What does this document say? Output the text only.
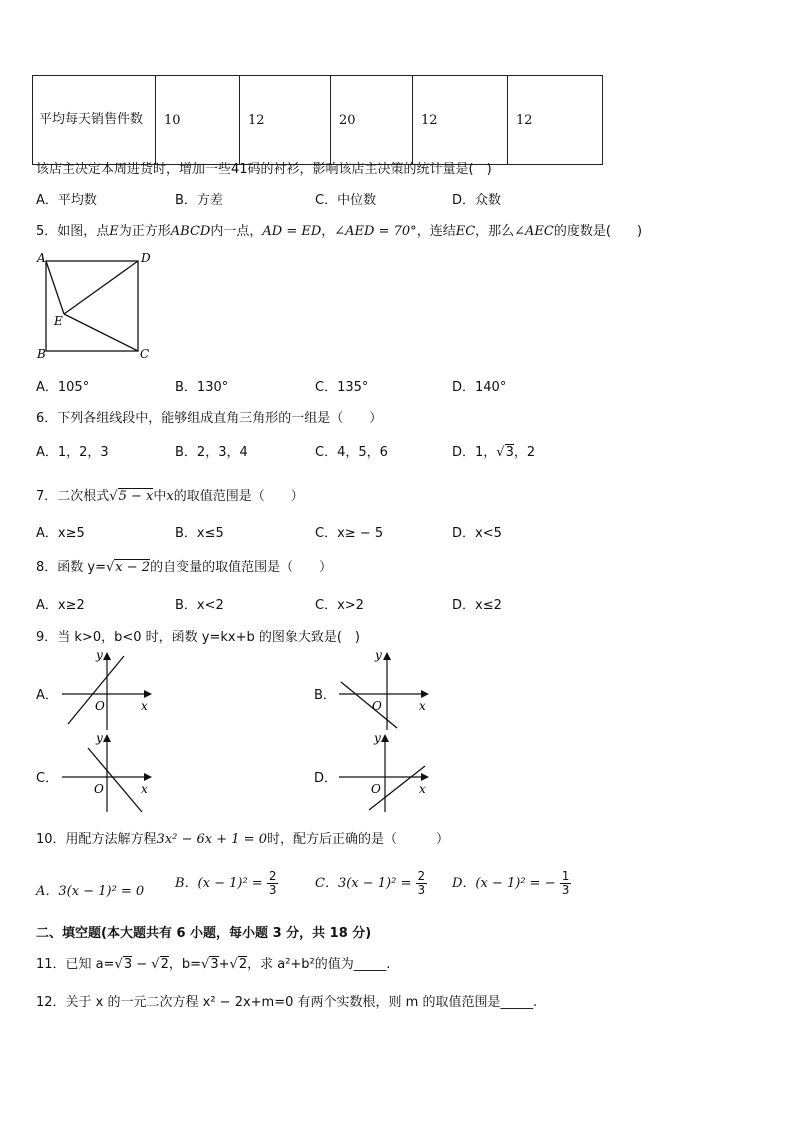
平均每天销售件数	10	12	20	12	12
该店主决定本周进货时，增加一些41码的衬衫，影响该店主决策的统计量是(　)
A．平均数	B．方差	C．中位数	D．众数
5．如图，点E为正方形ABCD内一点，AD = ED，∠AED = 70°，连结EC，那么∠AEC的度数是(　　)
A	D
B	C
E
A．105°	B．130°	C．135°	D．140°
6．下列各组线段中，能够组成直角三角形的一组是（　　）
A．1，2，3	B．2，3，4	C．4，5，6	D．1，√3，2
7．二次根式√5 − x中x的取值范围是（　　）
A．x≥5	B．x≤5	C．x≥ − 5	D．x<5
8．函数 y=√x − 2的自变量的取值范围是（　　）
A．x≥2	B．x<2	C．x>2	D．x≤2
9．当 k>0，b<0 时，函数 y=kx+b 的图象大致是(　)
A．
y
x
O
B．
y
x
O
C．
y
x
O
D．
y
x
O
10．用配方法解方程3x² − 6x + 1 = 0时，配方后正确的是（　　　）
A．3(x − 1)² = 0
B．$(x - 1)^2 = \frac{2}{3}$	C．$3(x - 1)^2 = \frac{2}{3}$ D．(x − 1)² = − $\frac{1}{3}$
二、填空题(本大题共有 6 小题，每小题 3 分，共 18 分)
11．已知 a=√3 − √2，b=√3+√2，求 a²+b²的值为_____.
12．关于 x 的一元二次方程 x² − 2x+m=0 有两个实数根，则 m 的取值范围是_____.
